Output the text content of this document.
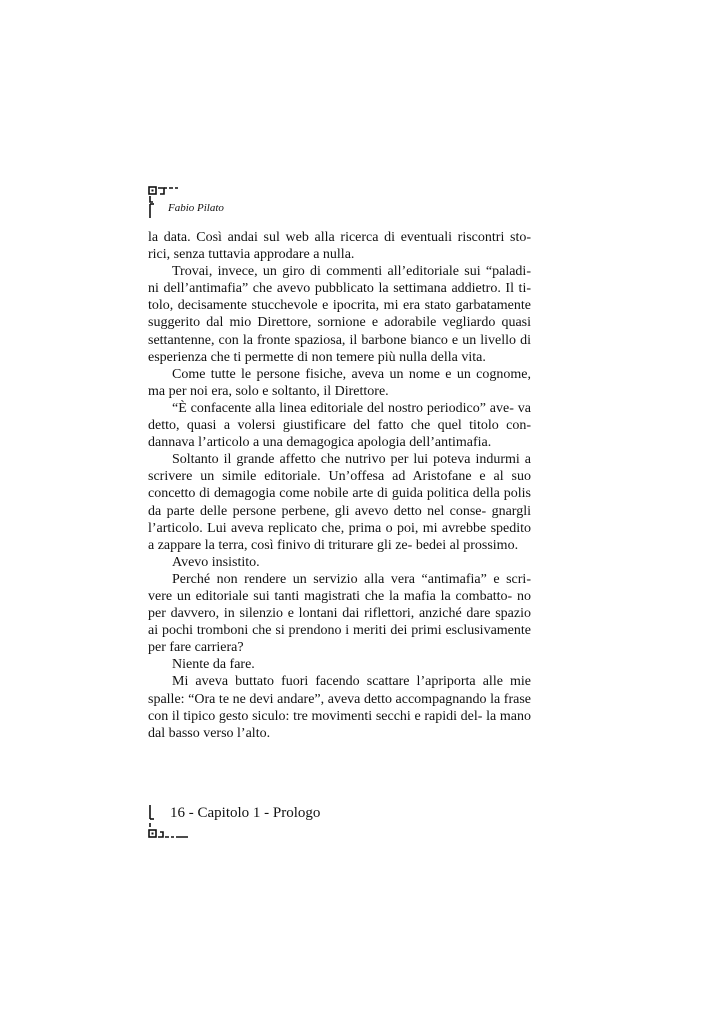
Fabio Pilato

la data. Così andai sul web alla ricerca di eventuali riscontri sto- rici, senza tuttavia approdare a nulla.

Trovai, invece, un giro di commenti all’editoriale sui “paladi- ni dell’antimafia” che avevo pubblicato la settimana addietro. Il ti- tolo, decisamente stucchevole e ipocrita, mi era stato garbatamente suggerito dal mio Direttore, sornione e adorabile vegliardo quasi settantenne, con la fronte spaziosa, il barbone bianco e un livello di esperienza che ti permette di non temere più nulla della vita.

Come tutte le persone fisiche, aveva un nome e un cognome, ma per noi era, solo e soltanto, il Direttore.

“È confacente alla linea editoriale del nostro periodico” ave- va detto, quasi a volersi giustificare del fatto che quel titolo con- dannava l’articolo a una demagogica apologia dell’antimafia.

Soltanto il grande affetto che nutrivo per lui poteva indurmi a scrivere un simile editoriale. Un’offesa ad Aristofane e al suo concetto di demagogia come nobile arte di guida politica della polis da parte delle persone perbene, gli avevo detto nel conse- gnargli l’articolo. Lui aveva replicato che, prima o poi, mi avrebbe spedito a zappare la terra, così finivo di triturare gli ze- bedei al prossimo.

Avevo insistito.

Perché non rendere un servizio alla vera “antimafia” e scri- vere un editoriale sui tanti magistrati che la mafia la combatto- no per davvero, in silenzio e lontani dai riflettori, anziché dare spazio ai pochi tromboni che si prendono i meriti dei primi esclusivamente per fare carriera?

Niente da fare.

Mi aveva buttato fuori facendo scattare l’apriporta alle mie spalle: “Ora te ne devi andare”, aveva detto accompagnando la frase con il tipico gesto siculo: tre movimenti secchi e rapidi del- la mano dal basso verso l’alto.

16 - Capitolo 1 - Prologo
